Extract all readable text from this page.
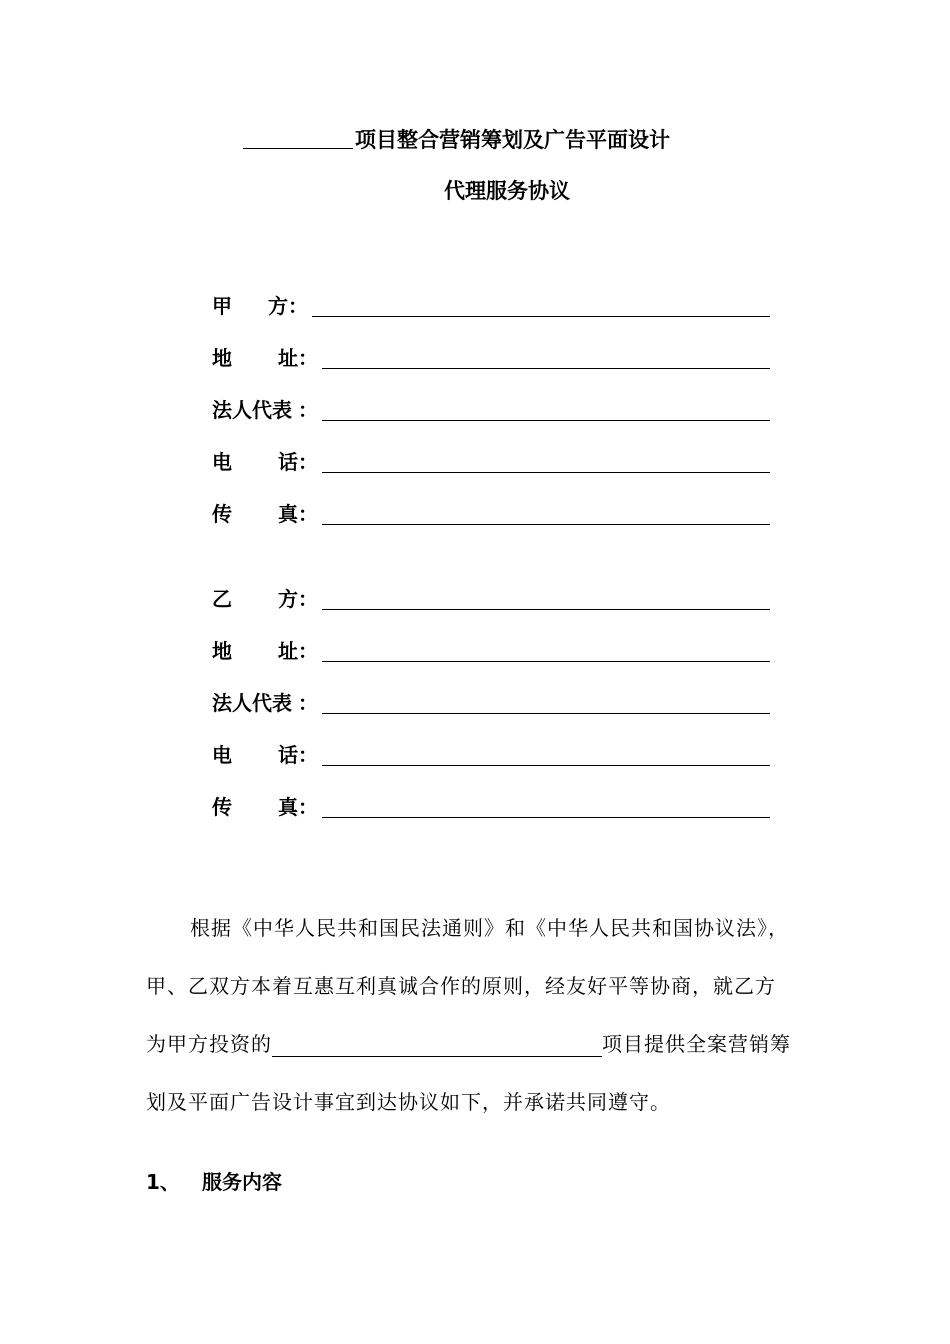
项目整合营销筹划及广告平面设计
代理服务协议
甲 方 ：
地 址 ：
法人代表 ：
电 话 ：
传 真 ：
乙 方 ：
地 址 ：
法人代表 ：
电 话 ：
传 真 ：
根据《中华人民共和国民法通则》和《中华人民共和国协议法》，
甲、乙双方本着互惠互利真诚合作的原则，经友好平等协商，就乙方
为甲方投资的	项目提供全案营销筹
划及平面广告设计事宜到达协议如下，并承诺共同遵守。
1、 服务内容
